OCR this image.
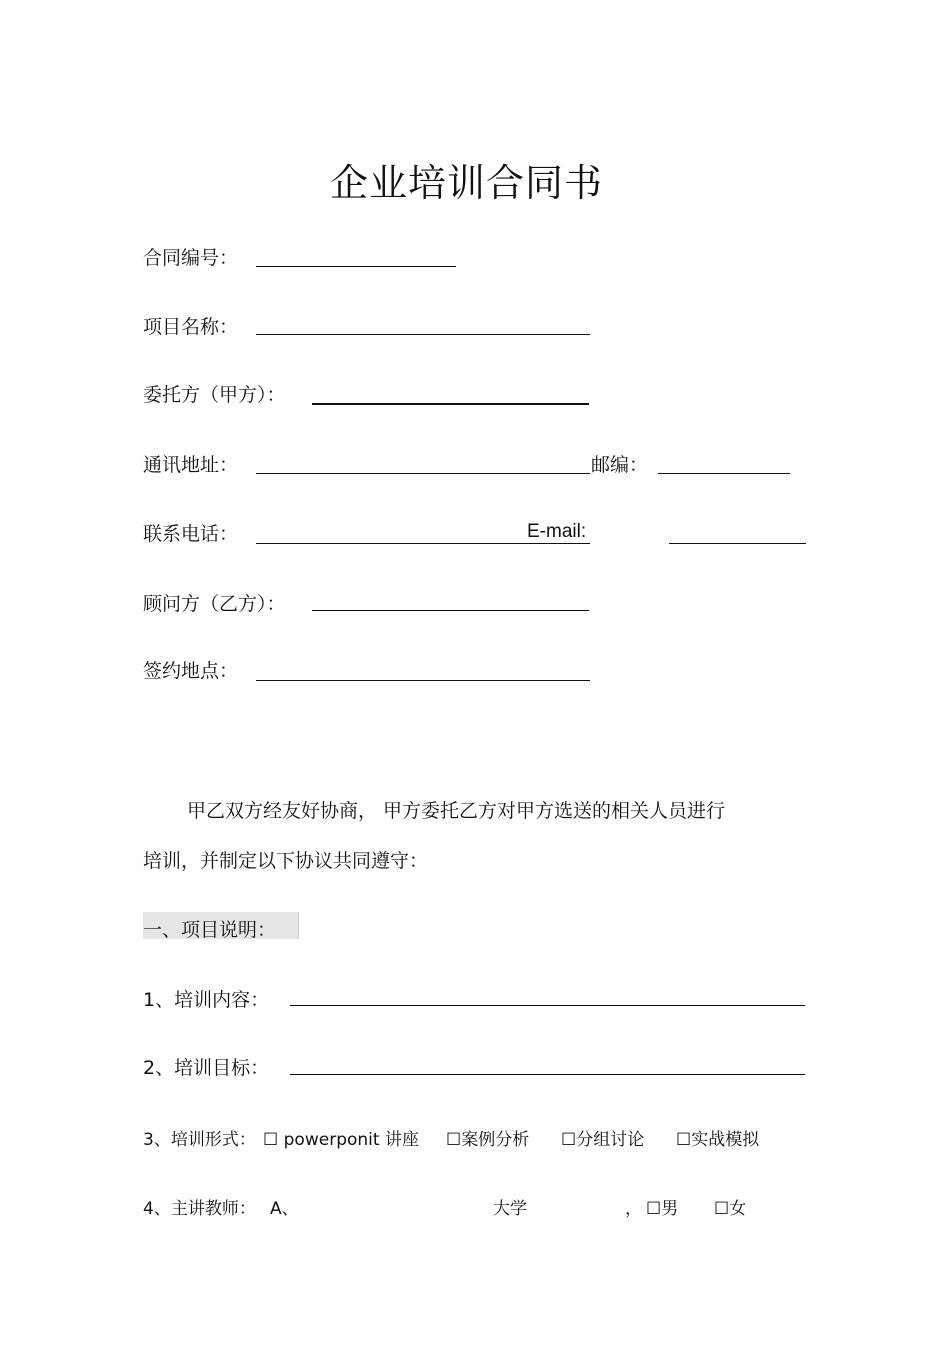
企业培训合同书
合同编号：
项目名称：
委托方（甲方）：
通讯地址：	邮编：
联系电话：	E-mail:
顾问方（乙方）：
签约地点：
甲乙双方经友好协商， 甲方委托乙方对甲方选送的相关人员进行
培训，并制定以下协议共同遵守：
一、项目说明：
1、培训内容：
2、培训目标：
3、培训形式： ☐ powerponit 讲座 ☐案例分析 ☐分组讨论 ☐实战模拟
4、主讲教师： A、	大学	， ☐男 ☐女
